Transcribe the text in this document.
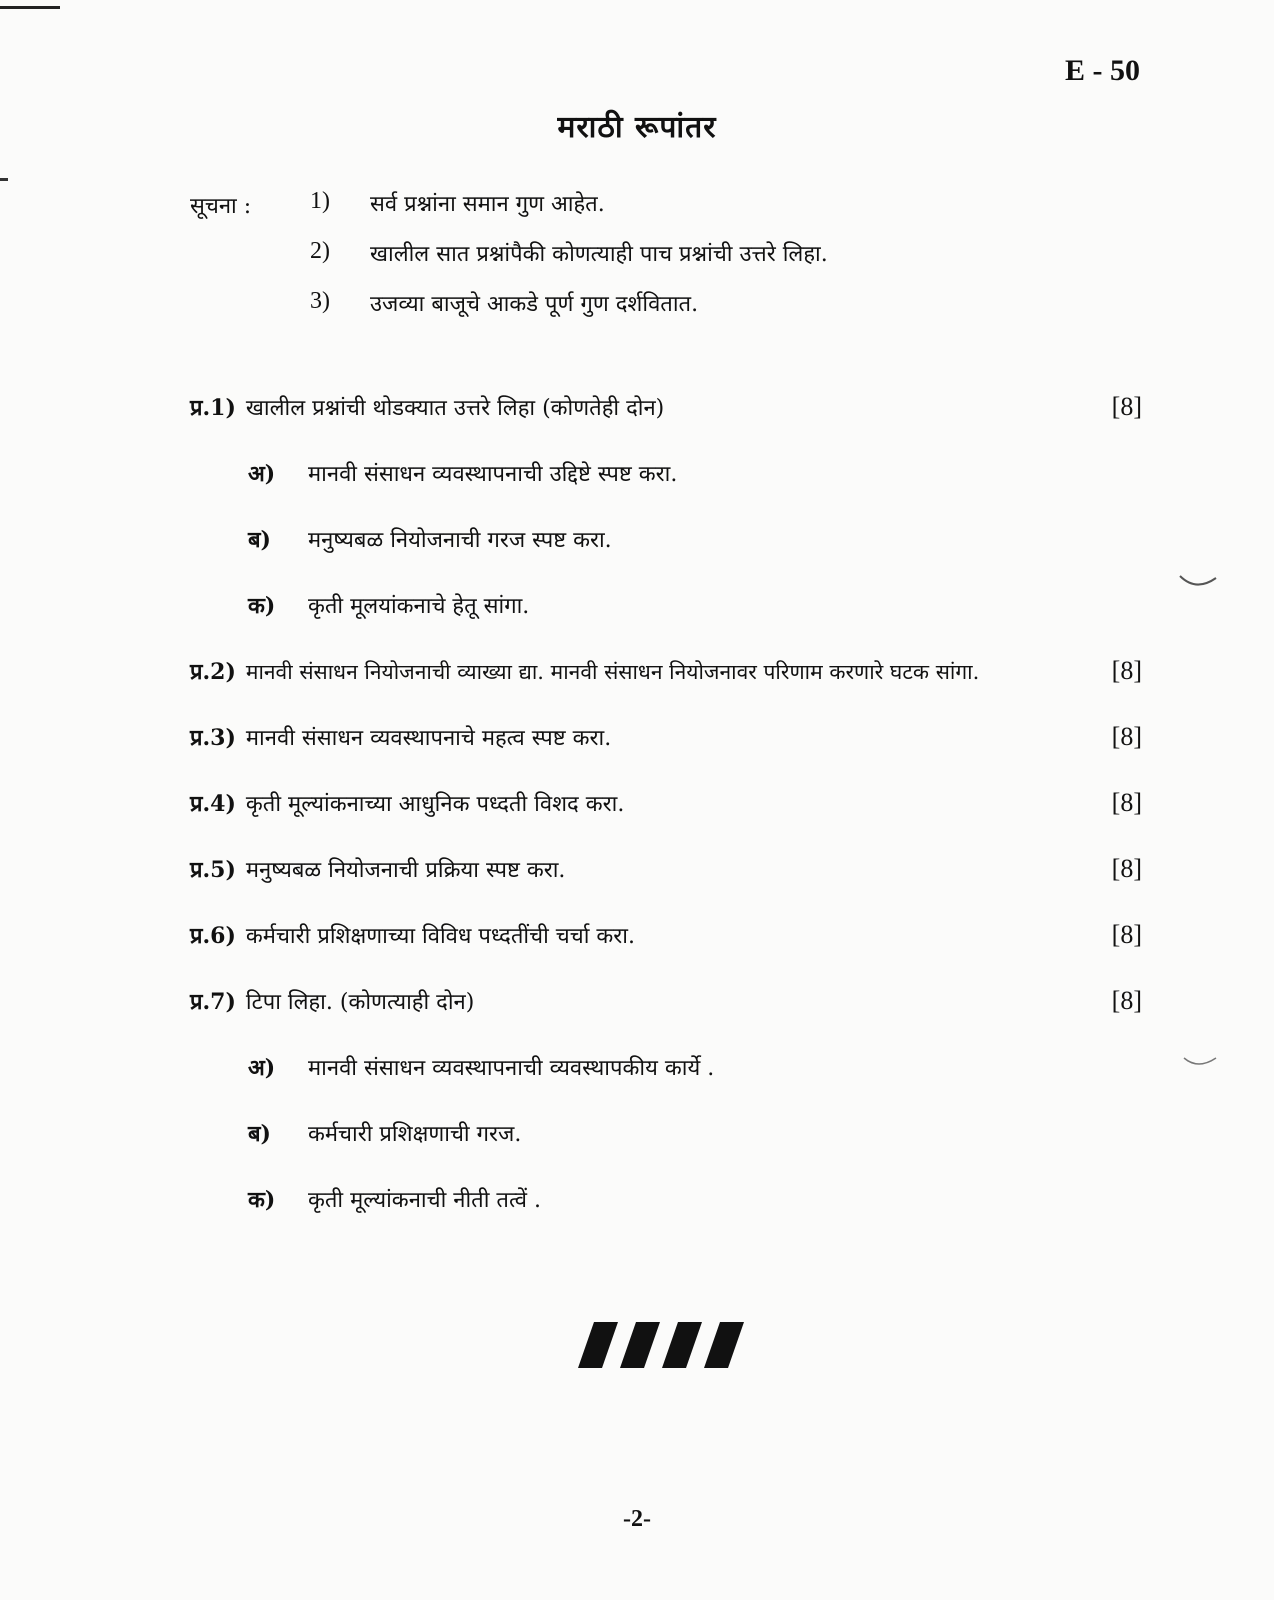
E - 50
मराठी रूपांतर
सूचना : 1)	सर्व प्रश्नांना समान गुण आहेत.
2)	खालील सात प्रश्नांपैकी कोणत्याही पाच प्रश्नांची उत्तरे लिहा.
3)	उजव्या बाजूचे आकडे पूर्ण गुण दर्शवितात.
प्र.1) खालील प्रश्नांची थोडक्यात उत्तरे लिहा (कोणतेही दोन)	[8]
अ)	मानवी संसाधन व्यवस्थापनाची उद्दिष्टे स्पष्ट करा.
ब)	मनुष्यबळ नियोजनाची गरज स्पष्ट करा.
क)	कृती मूलयांकनाचे हेतू सांगा.
प्र.2) मानवी संसाधन नियोजनाची व्याख्या द्या. मानवी संसाधन नियोजनावर परिणाम करणारे घटक सांगा.	[8]
प्र.3) मानवी संसाधन व्यवस्थापनाचे महत्व स्पष्ट करा.	[8]
प्र.4) कृती मूल्यांकनाच्या आधुनिक पध्दती विशद करा.	[8]
प्र.5) मनुष्यबळ नियोजनाची प्रक्रिया स्पष्ट करा.	[8]
प्र.6) कर्मचारी प्रशिक्षणाच्या विविध पध्दतींची चर्चा करा.	[8]
प्र.7) टिपा लिहा. (कोणत्याही दोन)	[8]
अ)	मानवी संसाधन व्यवस्थापनाची व्यवस्थापकीय कार्ये .
ब)	कर्मचारी प्रशिक्षणाची गरज.
क)	कृती मूल्यांकनाची नीती तत्वें .
-2-
